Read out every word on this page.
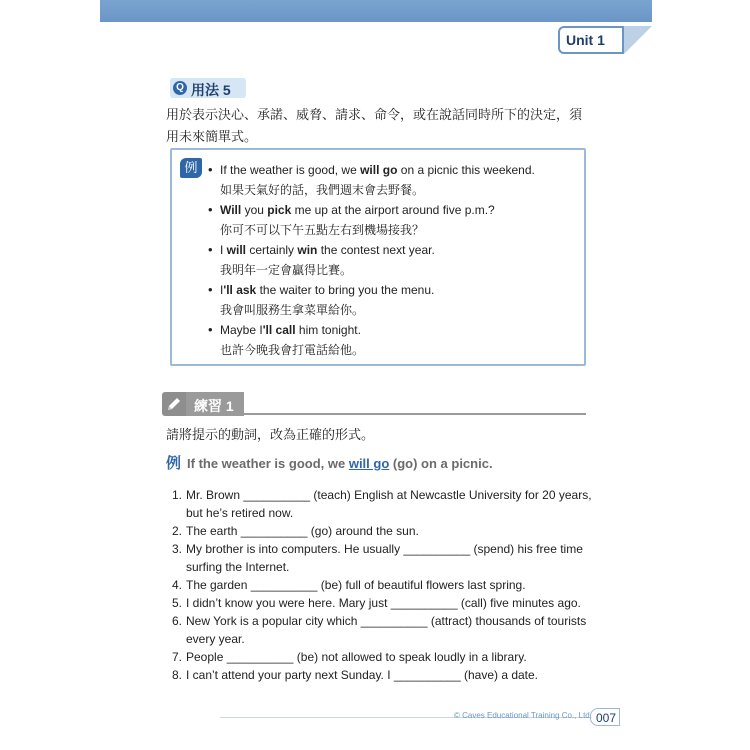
Unit 1
Q 用法 5
用於表示決心、承諾、威脅、請求、命令，或在說話同時所下的決定，須用未來簡單式。
例
•	If the weather is good, we will go on a picnic this weekend.
如果天氣好的話，我們週末會去野餐。
• Will you pick me up at the airport around five p.m.?
你可不可以下午五點左右到機場接我？
• I will certainly win the contest next year.
我明年一定會贏得比賽。
• I'll ask the waiter to bring you the menu.
我會叫服務生拿菜單給你。
• Maybe I'll call him tonight.
也許今晚我會打電話給他。
練習 1
請將提示的動詞，改為正確的形式。
例 If the weather is good, we will go (go) on a picnic.
1. Mr. Brown __________ (teach) English at Newcastle University for 20 years,
but he’s retired now.
2. The earth __________ (go) around the sun.
3. My brother is into computers. He usually __________ (spend) his free time
surfing the Internet.
4. The garden __________ (be) full of beautiful flowers last spring.
5. I didn’t know you were here. Mary just __________ (call) five minutes ago.
6. New York is a popular city which __________ (attract) thousands of tourists
every year.
7. People __________ (be) not allowed to speak loudly in a library.
8. I can’t attend your party next Sunday. I __________ (have) a date.
© Caves Educational Training Co., Ltd. 007
